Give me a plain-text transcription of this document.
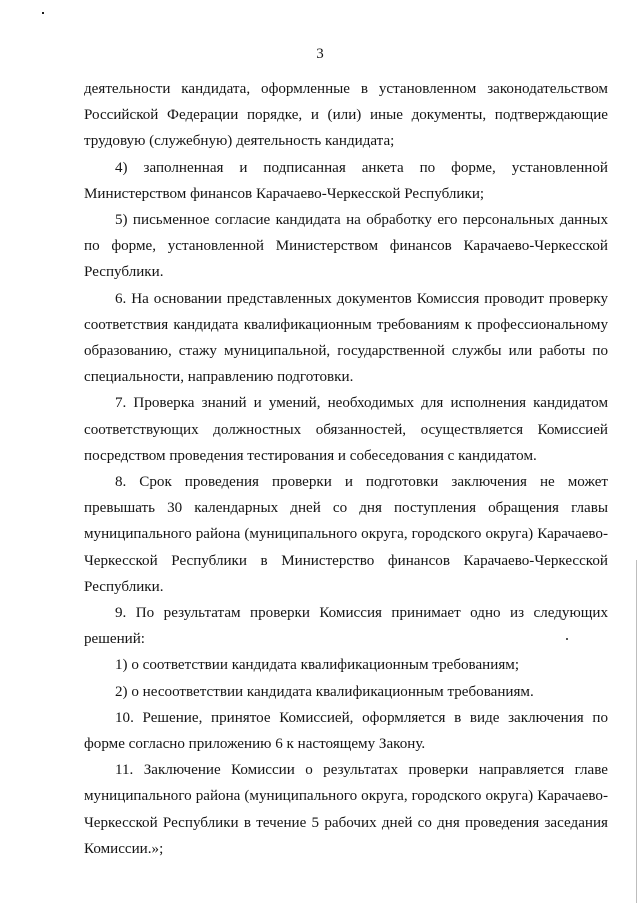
3

деятельности кандидата, оформленные в установленном законодательством Российской Федерации порядке, и (или) иные документы, подтверждающие трудовую (служебную) деятельность кандидата;

4) заполненная и подписанная анкета по форме, установленной Министерством финансов Карачаево-Черкесской Республики;

5) письменное согласие кандидата на обработку его персональных данных по форме, установленной Министерством финансов Карачаево-Черкесской Республики.

6. На основании представленных документов Комиссия проводит проверку соответствия кандидата квалификационным требованиям к профессиональному образованию, стажу муниципальной, государственной службы или работы по специальности, направлению подготовки.

7. Проверка знаний и умений, необходимых для исполнения кандидатом соответствующих должностных обязанностей, осуществляется Комиссией посредством проведения тестирования и собеседования с кандидатом.

8. Срок проведения проверки и подготовки заключения не может превышать 30 календарных дней со дня поступления обращения главы муниципального района (муниципального округа, городского округа) Карачаево-Черкесской Республики в Министерство финансов Карачаево-Черкесской Республики.

9. По результатам проверки Комиссия принимает одно из следующих решений:

1) о соответствии кандидата квалификационным требованиям;

2) о несоответствии кандидата квалификационным требованиям.

10. Решение, принятое Комиссией, оформляется в виде заключения по форме согласно приложению 6 к настоящему Закону.

11. Заключение Комиссии о результатах проверки направляется главе муниципального района (муниципального округа, городского округа) Карачаево-Черкесской Республики в течение 5 рабочих дней со дня проведения заседания Комиссии.»;
